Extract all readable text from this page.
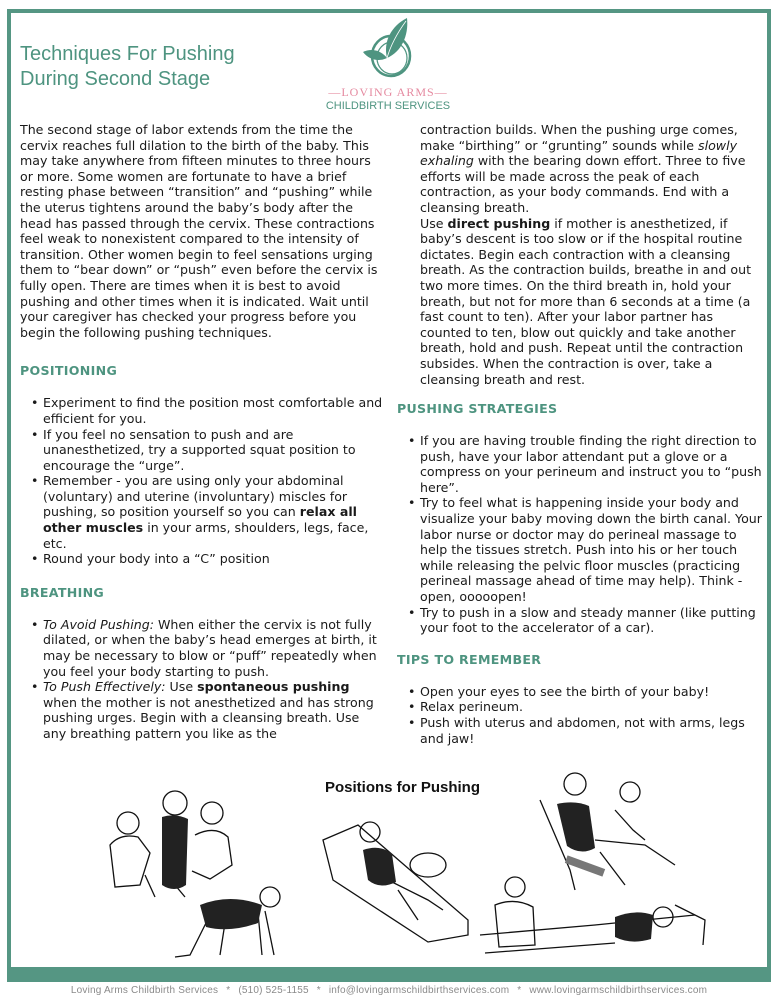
Techniques For Pushing
During Second Stage
—LOVING ARMS—
CHILDBIRTH SERVICES

The second stage of labor extends from the time the cervix reaches full dilation to the birth of the baby. This may take anywhere from fifteen minutes to three hours or more. Some women are fortunate to have a brief resting phase between “transition” and “pushing” while the uterus tightens around the baby’s body after the head has passed through the cervix. These contractions feel weak to nonexistent compared to the intensity of transition. Other women begin to feel sensations urging them to “bear down” or “push” even before the cervix is fully open. There are times when it is best to avoid pushing and other times when it is indicated. Wait until your caregiver has checked your progress before you begin the following pushing techniques.

POSITIONING
• Experiment to find the position most comfortable and efficient for you.
• If you feel no sensation to push and are unanesthetized, try a supported squat position to encourage the “urge”.
• Remember - you are using only your abdominal (voluntary) and uterine (involuntary) miscles for pushing, so position yourself so you can relax all other muscles in your arms, shoulders, legs, face, etc.
• Round your body into a “C” position
BREATHING
• To Avoid Pushing: When either the cervix is not fully dilated, or when the baby’s head emerges at birth, it may be necessary to blow or “puff” repeatedly when you feel your body starting to push.
• To Push Effectively: Use spontaneous pushing when the mother is not anesthetized and has strong pushing urges. Begin with a cleansing breath. Use any breathing pattern you like as the

contraction builds. When the pushing urge comes, make “birthing” or “grunting” sounds while slowly exhaling with the bearing down effort. Three to five efforts will be made across the peak of each contraction, as your body commands. End with a cleansing breath.

Use direct pushing if mother is anesthetized, if baby’s descent is too slow or if the hospital routine dictates. Begin each contraction with a cleansing breath. As the contraction builds, breathe in and out two more times. On the third breath in, hold your breath, but not for more than 6 seconds at a time (a fast count to ten). After your labor partner has counted to ten, blow out quickly and take another breath, hold and push. Repeat until the contraction subsides. When the contraction is over, take a cleansing breath and rest.

PUSHING STRATEGIES
• If you are having trouble finding the right direction to push, have your labor attendant put a glove or a compress on your perineum and instruct you to “push here”.
• Try to feel what is happening inside your body and visualize your baby moving down the birth canal. Your labor nurse or doctor may do perineal massage to help the tissues stretch. Push into his or her touch while releasing the pelvic floor muscles (practicing perineal massage ahead of time may help). Think - open, ooooopen!
• Try to push in a slow and steady manner (like putting your foot to the accelerator of a car).
TIPS TO REMEMBER
• Open your eyes to see the birth of your baby!
• Relax perineum.
• Push with uterus and abdomen, not with arms, legs and jaw!
Positions for Pushing
Loving Arms Childbirth Services * (510) 525-1155 * info@lovingarmschildbirthservices.com * www.lovingarmschildbirthservices.com
